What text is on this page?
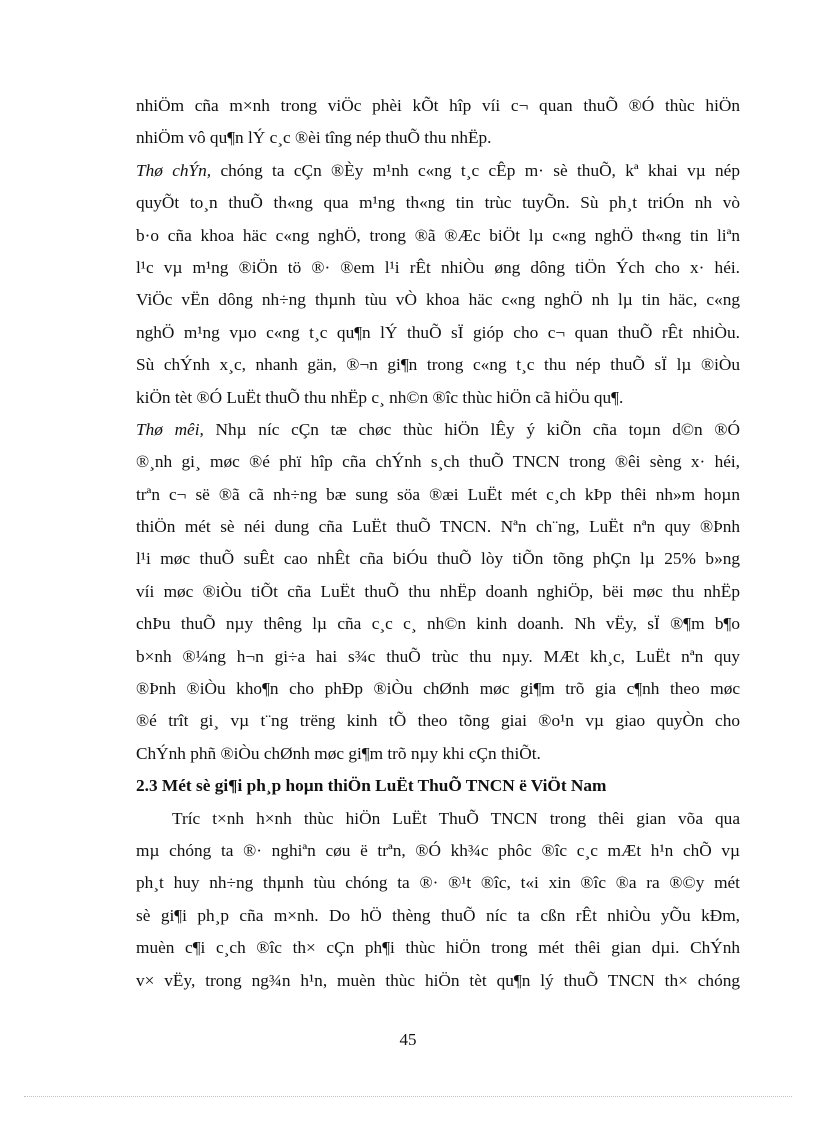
nhiÖm cña m×nh trong viÖc phèi kÕt hîp víi c¬ quan thuÕ ®Ó thùc hiÖn
nhiÖm vô qu¶n lÝ c¸c ®èi tîng nép thuÕ thu nhËp.
Thø chÝn, chóng ta cÇn ®Èy m¹nh c«ng t¸c cÊp m· sè thuÕ, kª khai vµ nép
quyÕt to¸n thuÕ th«ng qua m¹ng th«ng tin trùc tuyÕn. Sù ph¸t triÓn nh vò
b·o cña khoa häc c«ng nghÖ, trong ®ã ®Æc biÖt lµ c«ng nghÖ th«ng tin liªn
l¹c vµ m¹ng ®iÖn tö ®· ®em l¹i rÊt nhiÒu øng dông tiÖn Ých cho x· héi.
ViÖc vËn dông nh÷ng thµnh tùu vÒ khoa häc c«ng nghÖ nh lµ tin häc, c«ng
nghÖ m¹ng vµo c«ng t¸c qu¶n lÝ thuÕ sÏ gióp cho c¬ quan thuÕ rÊt nhiÒu.
Sù chÝnh x¸c, nhanh gän, ®¬n gi¶n trong c«ng t¸c thu nép thuÕ sÏ lµ ®iÒu
kiÖn tèt ®Ó LuËt thuÕ thu nhËp c¸ nh©n ®îc thùc hiÖn cã hiÖu qu¶.
Thø mêi, Nhµ níc cÇn tæ chøc thùc hiÖn lÊy ý kiÕn cña toµn d©n ®Ó
®¸nh gi¸ møc ®é phï hîp cña chÝnh s¸ch thuÕ TNCN trong ®êi sèng x· héi,
trªn c¬ së ®ã cã nh÷ng bæ sung söa ®æi LuËt mét c¸ch kÞp thêi nh»m hoµn
thiÖn mét sè néi dung cña LuËt thuÕ TNCN. Nªn ch¨ng, LuËt nªn quy ®Þnh
l¹i møc thuÕ suÊt cao nhÊt cña biÓu thuÕ lòy tiÕn tõng phÇn lµ 25% b»ng
víi møc ®iÒu tiÕt cña LuËt thuÕ thu nhËp doanh nghiÖp, bëi møc thu nhËp
chÞu thuÕ nµy thêng lµ cña c¸c c¸ nh©n kinh doanh. Nh vËy, sÏ ®¶m b¶o
b×nh ®¼ng h¬n gi÷a hai s¾c thuÕ trùc thu nµy. MÆt kh¸c, LuËt nªn quy
®Þnh ®iÒu kho¶n cho phÐp ®iÒu chØnh møc gi¶m trõ gia c¶nh theo møc
®é trît gi¸ vµ t¨ng trëng kinh tÕ theo tõng giai ®o¹n vµ giao quyÒn cho
ChÝnh phñ ®iÒu chØnh møc gi¶m trõ nµy khi cÇn thiÕt.
2.3 Mét sè gi¶i ph¸p hoµn thiÖn LuËt ThuÕ TNCN ë ViÖt Nam
Tríc t×nh h×nh thùc hiÖn LuËt ThuÕ TNCN trong thêi gian võa qua
mµ chóng ta ®· nghiªn cøu ë trªn, ®Ó kh¾c phôc ®îc c¸c mÆt h¹n chÕ vµ
ph¸t huy nh÷ng thµnh tùu chóng ta ®· ®¹t ®îc, t«i xin ®îc ®a ra ®©y mét
sè gi¶i ph¸p cña m×nh. Do hÖ thèng thuÕ níc ta cßn rÊt nhiÒu yÕu kÐm,
muèn c¶i c¸ch ®îc th× cÇn ph¶i thùc hiÖn trong mét thêi gian dµi. ChÝnh
v× vËy, trong ng¾n h¹n, muèn thùc hiÖn tèt qu¶n lý thuÕ TNCN th× chóng
45
